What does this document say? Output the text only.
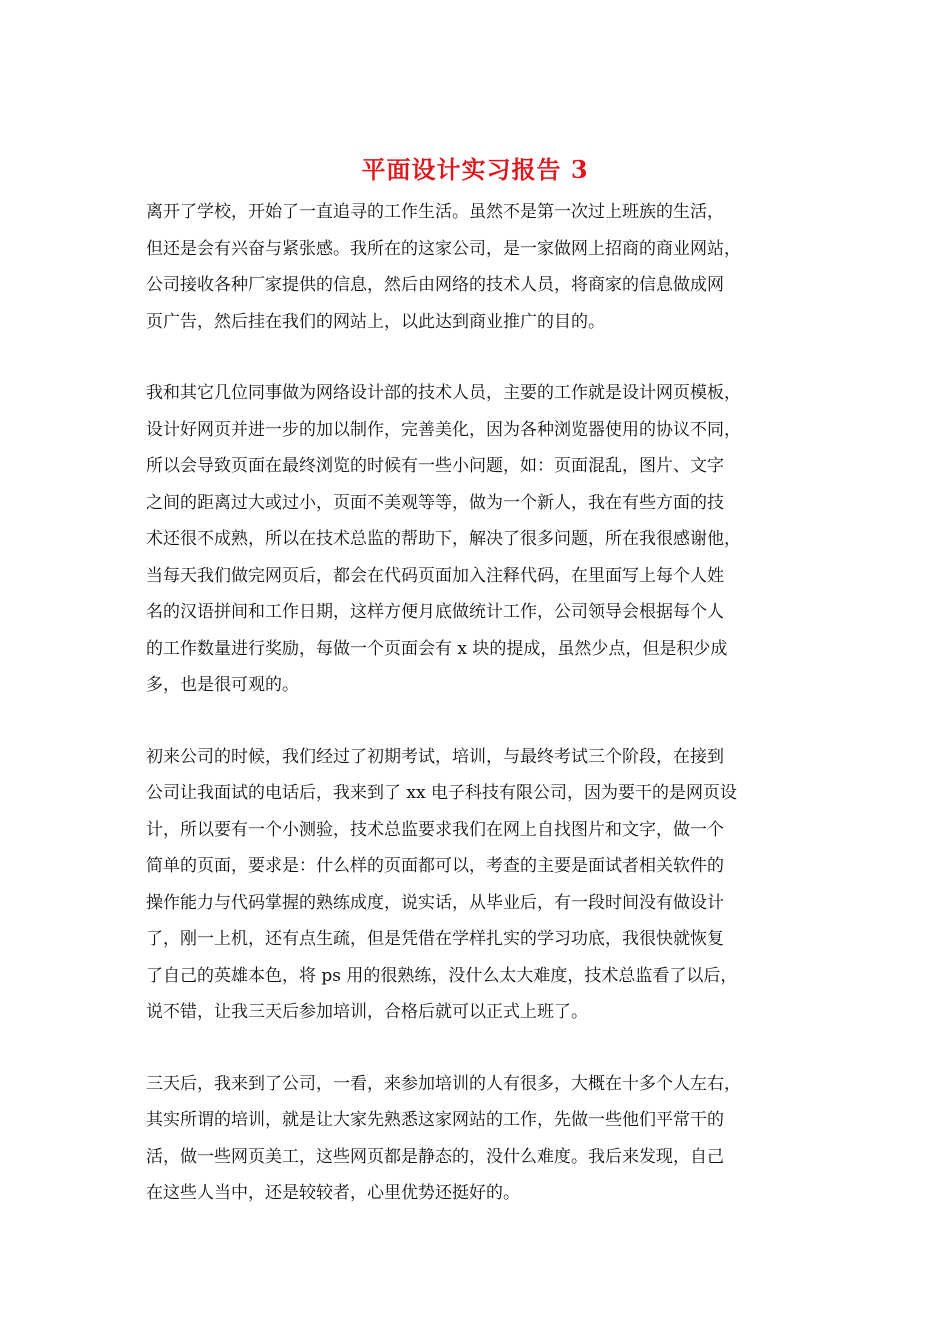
平面设计实习报告 3
离开了学校，开始了一直追寻的工作生活。虽然不是第一次过上班族的生活，
但还是会有兴奋与紧张感。我所在的这家公司，是一家做网上招商的商业网站，
公司接收各种厂家提供的信息，然后由网络的技术人员，将商家的信息做成网
页广告，然后挂在我们的网站上，以此达到商业推广的目的。
我和其它几位同事做为网络设计部的技术人员，主要的工作就是设计网页模板，
设计好网页并进一步的加以制作，完善美化，因为各种浏览器使用的协议不同，
所以会导致页面在最终浏览的时候有一些小问题，如：页面混乱，图片、文字
之间的距离过大或过小，页面不美观等等，做为一个新人，我在有些方面的技
术还很不成熟，所以在技术总监的帮助下，解决了很多问题，所在我很感谢他，
当每天我们做完网页后，都会在代码页面加入注释代码，在里面写上每个人姓
名的汉语拼间和工作日期，这样方便月底做统计工作，公司领导会根据每个人
的工作数量进行奖励，每做一个页面会有 x 块的提成，虽然少点，但是积少成
多，也是很可观的。
初来公司的时候，我们经过了初期考试，培训，与最终考试三个阶段，在接到
公司让我面试的电话后，我来到了 xx 电子科技有限公司，因为要干的是网页设
计，所以要有一个小测验，技术总监要求我们在网上自找图片和文字，做一个
简单的页面，要求是：什么样的页面都可以，考查的主要是面试者相关软件的
操作能力与代码掌握的熟练成度，说实话，从毕业后，有一段时间没有做设计
了，刚一上机，还有点生疏，但是凭借在学样扎实的学习功底，我很快就恢复
了自己的英雄本色，将 ps 用的很熟练，没什么太大难度，技术总监看了以后，
说不错，让我三天后参加培训，合格后就可以正式上班了。
三天后，我来到了公司，一看，来参加培训的人有很多，大概在十多个人左右，
其实所谓的培训，就是让大家先熟悉这家网站的工作，先做一些他们平常干的
活，做一些网页美工，这些网页都是静态的，没什么难度。我后来发现，自己
在这些人当中，还是较较者，心里优势还挺好的。
